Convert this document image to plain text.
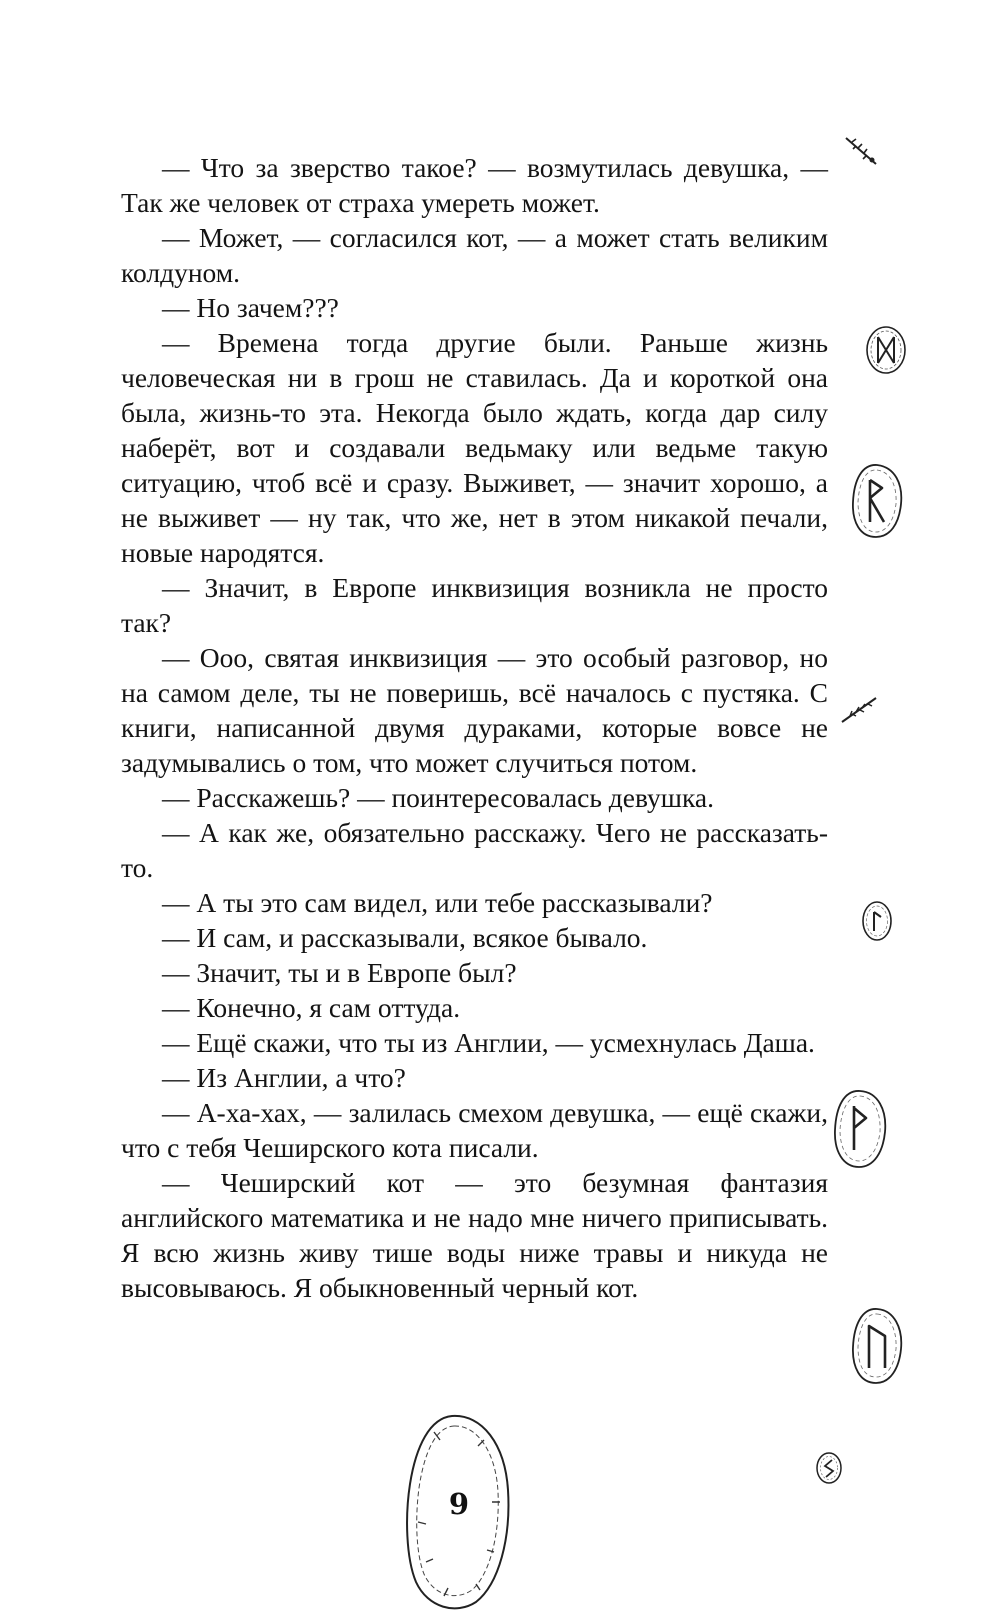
— Что за зверство такое? — возмутилась девушка, — Так же человек от страха умереть может.

— Может, — согласился кот, — а может стать великим колдуном.

— Но зачем???

— Времена тогда другие были. Раньше жизнь человеческая ни в грош не ставилась. Да и короткой она была, жизнь-то эта. Некогда было ждать, когда дар силу наберёт, вот и создавали ведьмаку или ведьме такую ситуацию, чтоб всё и сразу. Выживет, — значит хорошо, а не выживет — ну так, что же, нет в этом никакой печали, новые народятся.

— Значит, в Европе инквизиция возникла не просто так?

— Ооо, святая инквизиция — это особый разговор, но на самом деле, ты не поверишь, всё началось с пустяка. С книги, написанной двумя дураками, которые вовсе не задумывались о том, что может случиться потом.

— Расскажешь? — поинтересовалась девушка.

— А как же, обязательно расскажу. Чего не рассказать-то.

— А ты это сам видел, или тебе рассказывали?

— И сам, и рассказывали, всякое бывало.

— Значит, ты и в Европе был?

— Конечно, я сам оттуда.

— Ещё скажи, что ты из Англии, — усмехнулась Даша.

— Из Англии, а что?

— А-ха-хах, — залилась смехом девушка, — ещё скажи, что с тебя Чеширского кота писали.

— Чеширский кот — это безумная фантазия английского математика и не надо мне ничего приписывать. Я всю жизнь живу тише воды ниже травы и никуда не высовываюсь. Я обыкновенный черный кот.

9
